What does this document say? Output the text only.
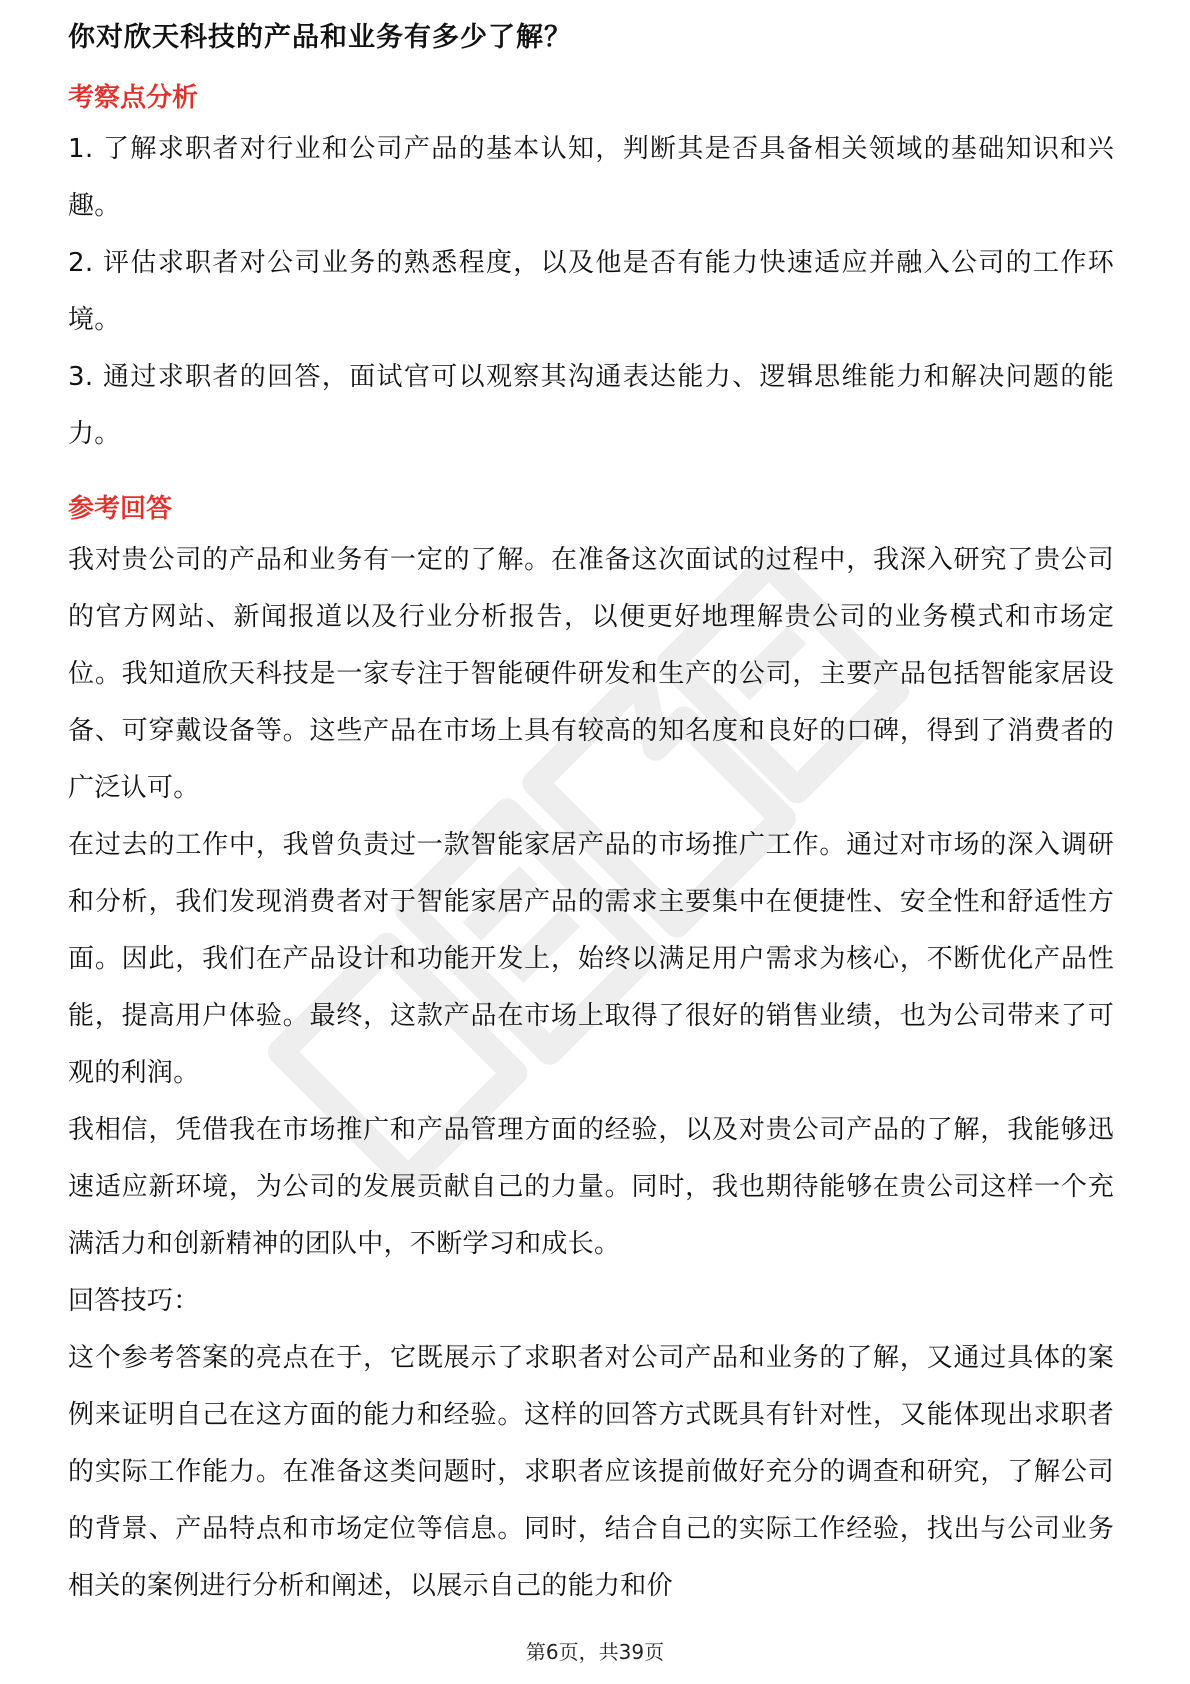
你对欣天科技的产品和业务有多少了解？
考察点分析

1. 了解求职者对行业和公司产品的基本认知，判断其是否具备相关领域的基础知识和兴趣。

2. 评估求职者对公司业务的熟悉程度，以及他是否有能力快速适应并融入公司的工作环境。

3. 通过求职者的回答，面试官可以观察其沟通表达能力、逻辑思维能力和解决问题的能力。

参考回答

我对贵公司的产品和业务有一定的了解。在准备这次面试的过程中，我深入研究了贵公司的官方网站、新闻报道以及行业分析报告，以便更好地理解贵公司的业务模式和市场定位。我知道欣天科技是一家专注于智能硬件研发和生产的公司，主要产品包括智能家居设备、可穿戴设备等。这些产品在市场上具有较高的知名度和良好的口碑，得到了消费者的广泛认可。

在过去的工作中，我曾负责过一款智能家居产品的市场推广工作。通过对市场的深入调研和分析，我们发现消费者对于智能家居产品的需求主要集中在便捷性、安全性和舒适性方面。因此，我们在产品设计和功能开发上，始终以满足用户需求为核心，不断优化产品性能，提高用户体验。最终，这款产品在市场上取得了很好的销售业绩，也为公司带来了可观的利润。

我相信，凭借我在市场推广和产品管理方面的经验，以及对贵公司产品的了解，我能够迅速适应新环境，为公司的发展贡献自己的力量。同时，我也期待能够在贵公司这样一个充满活力和创新精神的团队中，不断学习和成长。

回答技巧：

这个参考答案的亮点在于，它既展示了求职者对公司产品和业务的了解，又通过具体的案例来证明自己在这方面的能力和经验。这样的回答方式既具有针对性，又能体现出求职者的实际工作能力。在准备这类问题时，求职者应该提前做好充分的调查和研究，了解公司的背景、产品特点和市场定位等信息。同时，结合自己的实际工作经验，找出与公司业务相关的案例进行分析和阐述，以展示自己的能力和价

第6页，共39页
